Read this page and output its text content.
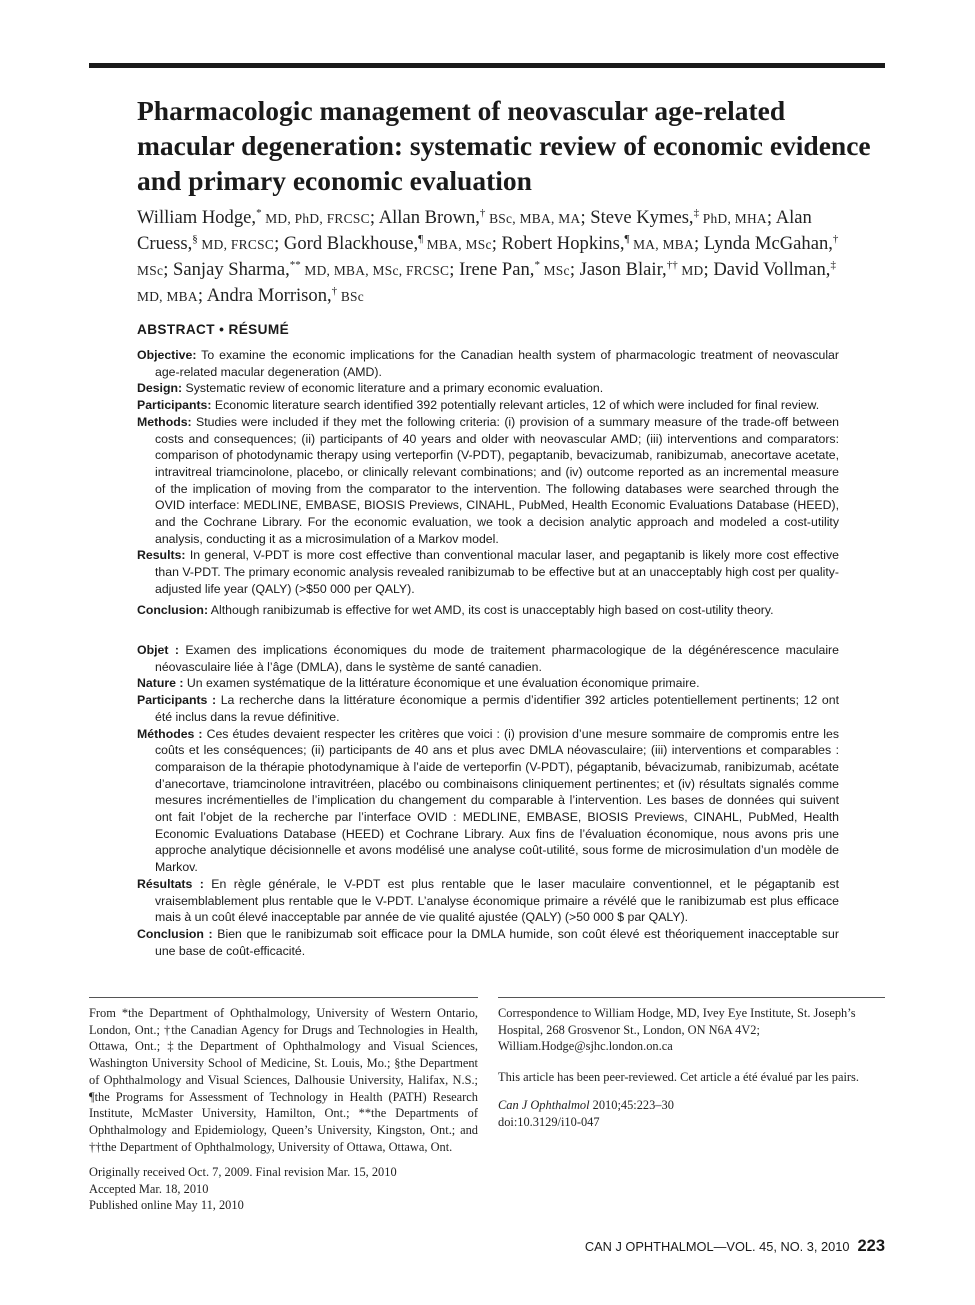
Pharmacologic management of neovascular age-related macular degeneration: systematic review of economic evidence and primary economic evaluation

William Hodge,* MD, PhD, FRCSC; Allan Brown,† BSc, MBA, MA; Steve Kymes,‡ PhD, MHA; Alan Cruess,§ MD, FRCSC; Gord Blackhouse,¶ MBA, MSc; Robert Hopkins,¶ MA, MBA; Lynda McGahan,† MSc; Sanjay Sharma,** MD, MBA, MSc, FRCSC; Irene Pan,* MSc; Jason Blair,†† MD; David Vollman,‡ MD, MBA; Andra Morrison,† BSc

ABSTRACT • RÉSUMÉ

Objective: To examine the economic implications for the Canadian health system of pharmacologic treatment of neovascular age-related macular degeneration (AMD).

Design: Systematic review of economic literature and a primary economic evaluation.

Participants: Economic literature search identified 392 potentially relevant articles, 12 of which were included for final review.

Methods: Studies were included if they met the following criteria: (i) provision of a summary measure of the trade-off between costs and consequences; (ii) participants of 40 years and older with neovascular AMD; (iii) interventions and comparators: comparison of photodynamic therapy using verteporfin (V-PDT), pegaptanib, bevacizumab, ranibizumab, anecortave acetate, intravitreal triamcinolone, placebo, or clinically relevant combinations; and (iv) outcome reported as an incremental measure of the implication of moving from the comparator to the intervention. The following databases were searched through the OVID interface: MEDLINE, EMBASE, BIOSIS Previews, CINAHL, PubMed, Health Economic Evaluations Database (HEED), and the Cochrane Library. For the economic evaluation, we took a decision analytic approach and modeled a cost-utility analysis, conducting it as a microsimulation of a Markov model.

Results: In general, V-PDT is more cost effective than conventional macular laser, and pegaptanib is likely more cost effective than V-PDT. The primary economic analysis revealed ranibizumab to be effective but at an unacceptably high cost per quality-adjusted life year (QALY) (>$50 000 per QALY).

Conclusion: Although ranibizumab is effective for wet AMD, its cost is unacceptably high based on cost-utility theory.

Objet : Examen des implications économiques du mode de traitement pharmacologique de la dégénérescence maculaire néovasculaire liée à l’âge (DMLA), dans le système de santé canadien.

Nature : Un examen systématique de la littérature économique et une évaluation économique primaire.

Participants : La recherche dans la littérature économique a permis d’identifier 392 articles potentiellement pertinents; 12 ont été inclus dans la revue définitive.

Méthodes : Ces études devaient respecter les critères que voici : (i) provision d’une mesure sommaire de compromis entre les coûts et les conséquences; (ii) participants de 40 ans et plus avec DMLA néovasculaire; (iii) interventions et comparables : comparaison de la thérapie photodynamique à l’aide de verteporfin (V-PDT), pégaptanib, bévacizumab, ranibizumab, acétate d’anecortave, triamcinolone intravitréen, placébo ou combinaisons cliniquement pertinentes; et (iv) résultats signalés comme mesures incrémentielles de l’implication du changement du comparable à l’intervention. Les bases de données qui suivent ont fait l’objet de la recherche par l’interface OVID : MEDLINE, EMBASE, BIOSIS Previews, CINAHL, PubMed, Health Economic Evaluations Database (HEED) et Cochrane Library. Aux fins de l’évaluation économique, nous avons pris une approche analytique décisionnelle et avons modélisé une analyse coût-utilité, sous forme de microsimulation d’un modèle de Markov.

Résultats : En règle générale, le V-PDT est plus rentable que le laser maculaire conventionnel, et le pégaptanib est vraisemblablement plus rentable que le V-PDT. L’analyse économique primaire a révélé que le ranibizumab est plus efficace mais à un coût élevé inacceptable par année de vie qualité ajustée (QALY) (>50 000 $ par QALY).

Conclusion : Bien que le ranibizumab soit efficace pour la DMLA humide, son coût élevé est théoriquement inacceptable sur une base de coût-efficacité.

From *the Department of Ophthalmology, University of Western Ontario, London, Ont.; †the Canadian Agency for Drugs and Technologies in Health, Ottawa, Ont.; ‡the Department of Ophthalmology and Visual Sciences, Washington University School of Medicine, St. Louis, Mo.; §the Department of Ophthalmology and Visual Sciences, Dalhousie University, Halifax, N.S.; ¶the Programs for Assessment of Technology in Health (PATH) Research Institute, McMaster University, Hamilton, Ont.; **the Departments of Ophthalmology and Epidemiology, Queen’s University, Kingston, Ont.; and ††the Department of Ophthalmology, University of Ottawa, Ottawa, Ont.

Originally received Oct. 7, 2009. Final revision Mar. 15, 2010
Accepted Mar. 18, 2010
Published online May 11, 2010

Correspondence to William Hodge, MD, Ivey Eye Institute, St. Joseph’s Hospital, 268 Grosvenor St., London, ON N6A 4V2; William.Hodge@sjhc.london.on.ca

This article has been peer-reviewed. Cet article a été évalué par les pairs.

Can J Ophthalmol 2010;45:223–30
doi:10.3129/i10-047
CAN J OPHTHALMOL—VOL. 45, NO. 3, 2010 223
